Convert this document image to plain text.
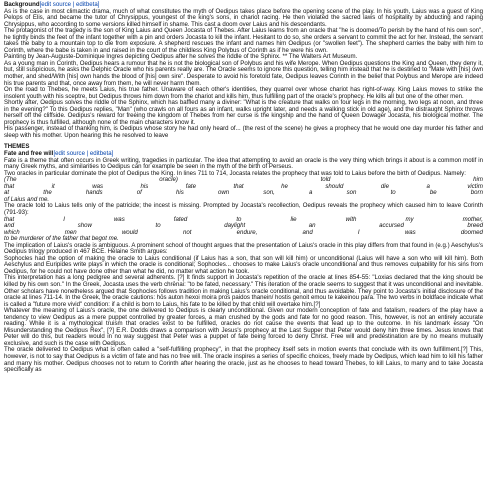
Background[edit source | editbeta]

As is the case in most climactic drama, much of what constitutes the myth of Oedipus takes place before the opening scene of the play. In his youth, Laius was a guest of King Pelops of Elis, and became the tutor of Chrysippus, youngest of the king's sons, in chariot racing. He then violated the sacred laws of hospitality by abducting and raping Chrysippus, who according to some versions killed himself in shame. This cast a doom over Laius and his descendants.

The protagonist of the tragedy is the son of King Laius and Queen Jocasta of Thebes. After Laius learns from an oracle that "he is doomed/To perish by the hand of his own son", he tightly binds the feet of the infant together with a pin and orders Jocasta to kill the infant. Hesitant to do so, she orders a servant to commit the act for her. Instead, the servant takes the baby to a mountain top to die from exposure. A shepherd rescues the infant and names him Oedipus (or "swollen feet"). The shepherd carries the baby with him to Corinth, where the babe is taken in and raised in the court of the childless King Polybus of Corinth as if he were his own.

Painting by Jean-Auguste-Dominique Ingres depicting Oedipus after he solves the riddle of the Sphinx. ** The Walters Art Museum.

As a young man in Corinth, Oedipus hears a rumour that he is not the biological son of Polybus and his wife Merope. When Oedipus questions the King and Queen, they deny it, but, still suspicious, he asks the Delphic Oracle who his parents really are. The Oracle seems to ignore this question, telling him instead that he is destined to "Mate with [his] own mother, and shed/With [his] own hands the blood of [his] own sire". Desperate to avoid his foretold fate, Oedipus leaves Corinth in the belief that Polybus and Merope are indeed his true parents and that, once away from them, he will never harm them.

On the road to Thebes, he meets Laius, his true father. Unaware of each other's identities, they quarrel over whose chariot has right-of-way. King Laius moves to strike the insolent youth with his sceptre, but Oedipus throws him down from the chariot and kills him, thus fulfilling part of the oracle's prophecy. He kills all but one of the other men.

Shortly after, Oedipus solves the riddle of the Sphinx, which has baffled many a diviner: "What is the creature that walks on four legs in the morning, two legs at noon, and three in the evening?" To this Oedipus replies, "Man" (who crawls on all fours as an infant, walks upright later, and needs a walking stick in old age), and the distraught Sphinx throws herself off the cliffside. Oedipus's reward for freeing the kingdom of Thebes from her curse is the kingship and the hand of Queen Dowager Jocasta, his biological mother. The prophecy is thus fulfilled, although none of the main characters know it.

His passenger, instead of thanking him, is Oedipus whose story he had only heard of... (the rest of the scene) he gives a prophecy that he would one day murder his father and sleep with his mother. Upon hearing this he resolved to leave

THEMES
Fate and free will[edit source | editbeta]

Fate is a theme that often occurs in Greek writing, tragedies in particular. The idea that attempting to avoid an oracle is the very thing which brings it about is a common motif in many Greek myths, and similarities to Oedipus can for example be seen in the myth of the birth of Perseus.

Two oracles in particular dominate the plot of Oedipus the King. In lines 711 to 714, Jocasta relates the prophecy that was told to Laius before the birth of Oedipus. Namely:

(The	oracle)	told	him
that	it	was	his	fate	that	he	should	die	a	victim
at	the	hands	of	his	own	son,	a	son	to	be	born
of Laius and me.

The oracle told to Laius tells only of the patricide; the incest is missing. Prompted by Jocasta's recollection, Oedipus reveals the prophecy which caused him to leave Corinth (791-93):

that	I	was	fated	to	lie	with	my	mother,
and	show	to	daylight	an	accursed	breed
which	men	would	not	endure,	and	I	was	doomed
to be murderer of the father that begot me.

The implication of Laius's oracle is ambiguous. A prominent school of thought argues that the presentation of Laius's oracle in this play differs from that found in (e.g.) Aeschylus's Oedipus trilogy produced in 467 BCE. Helaine Smith argues:

Sophocles had the option of making the oracle to Laius conditional (if Laius has a son, that son will kill him) or unconditional (Laius will have a son who will kill him). Both Aeschylus and Euripides write plays in which the oracle is conditional; Sophocles... chooses to make Laius's oracle unconditional and thus removes culpability for his sins from Oedipus, for he could not have done other than what he did, no matter what action he took.

This interpretation has a long pedigree and several adherents. [?] It finds support in Jocasta's repetition of the oracle at lines 854-55: "Loxias declared that the king should be killed by his own son." In the Greek, Jocasta uses the verb chrēnai: "to be fated, necessary." This iteration of the oracle seems to suggest that it was unconditional and inevitable. Other scholars have nonetheless argued that Sophocles follows tradition in making Laius's oracle conditional, and thus avoidable. They point to Jocasta's initial disclosure of the oracle at lines 711-14. In the Greek, the oracle cautions: hōs auton hexoi moira pros paidos thanein/ hostis genoit emou te kakeinou para. The two verbs in boldface indicate what is called a "future more vivid" condition: if a child is born to Laius, his fate to be killed by that child will overtake him.[?]

Whatever the meaning of Laius's oracle, the one delivered to Oedipus is clearly unconditional. Given our modern conception of fate and fatalism, readers of the play have a tendency to view Oedipus as a mere puppet controlled by greater forces, a man crushed by the gods and fate for no good reason. This, however, is not an entirely accurate reading. While it is a mythological truism that oracles exist to be fulfilled, oracles do not cause the events that lead up to the outcome. In his landmark essay "On Misunderstanding the Oedipus Rex", [?] E.R. Dodds draws a comparison with Jesus's prophecy at the Last Supper that Peter would deny him three times. Jesus knows that Peter will do this, but readers would in no way suggest that Peter was a puppet of fate being forced to deny Christ. Free will and predestination are by no means mutually exclusive, and such is the case with Oedipus.

The oracle delivered to Oedipus what is often called a "self-fulfilling prophecy", in that the prophecy itself sets in motion events that conclude with its own fulfillment.[?] This, however, is not to say that Oedipus is a victim of fate and has no free will. The oracle inspires a series of specific choices, freely made by Oedipus, which lead him to kill his father and marry his mother. Oedipus chooses not to return to Corinth after hearing the oracle, just as he chooses to head toward Thebes, to kill Laius, to marry and to take Jocasta specifically as
